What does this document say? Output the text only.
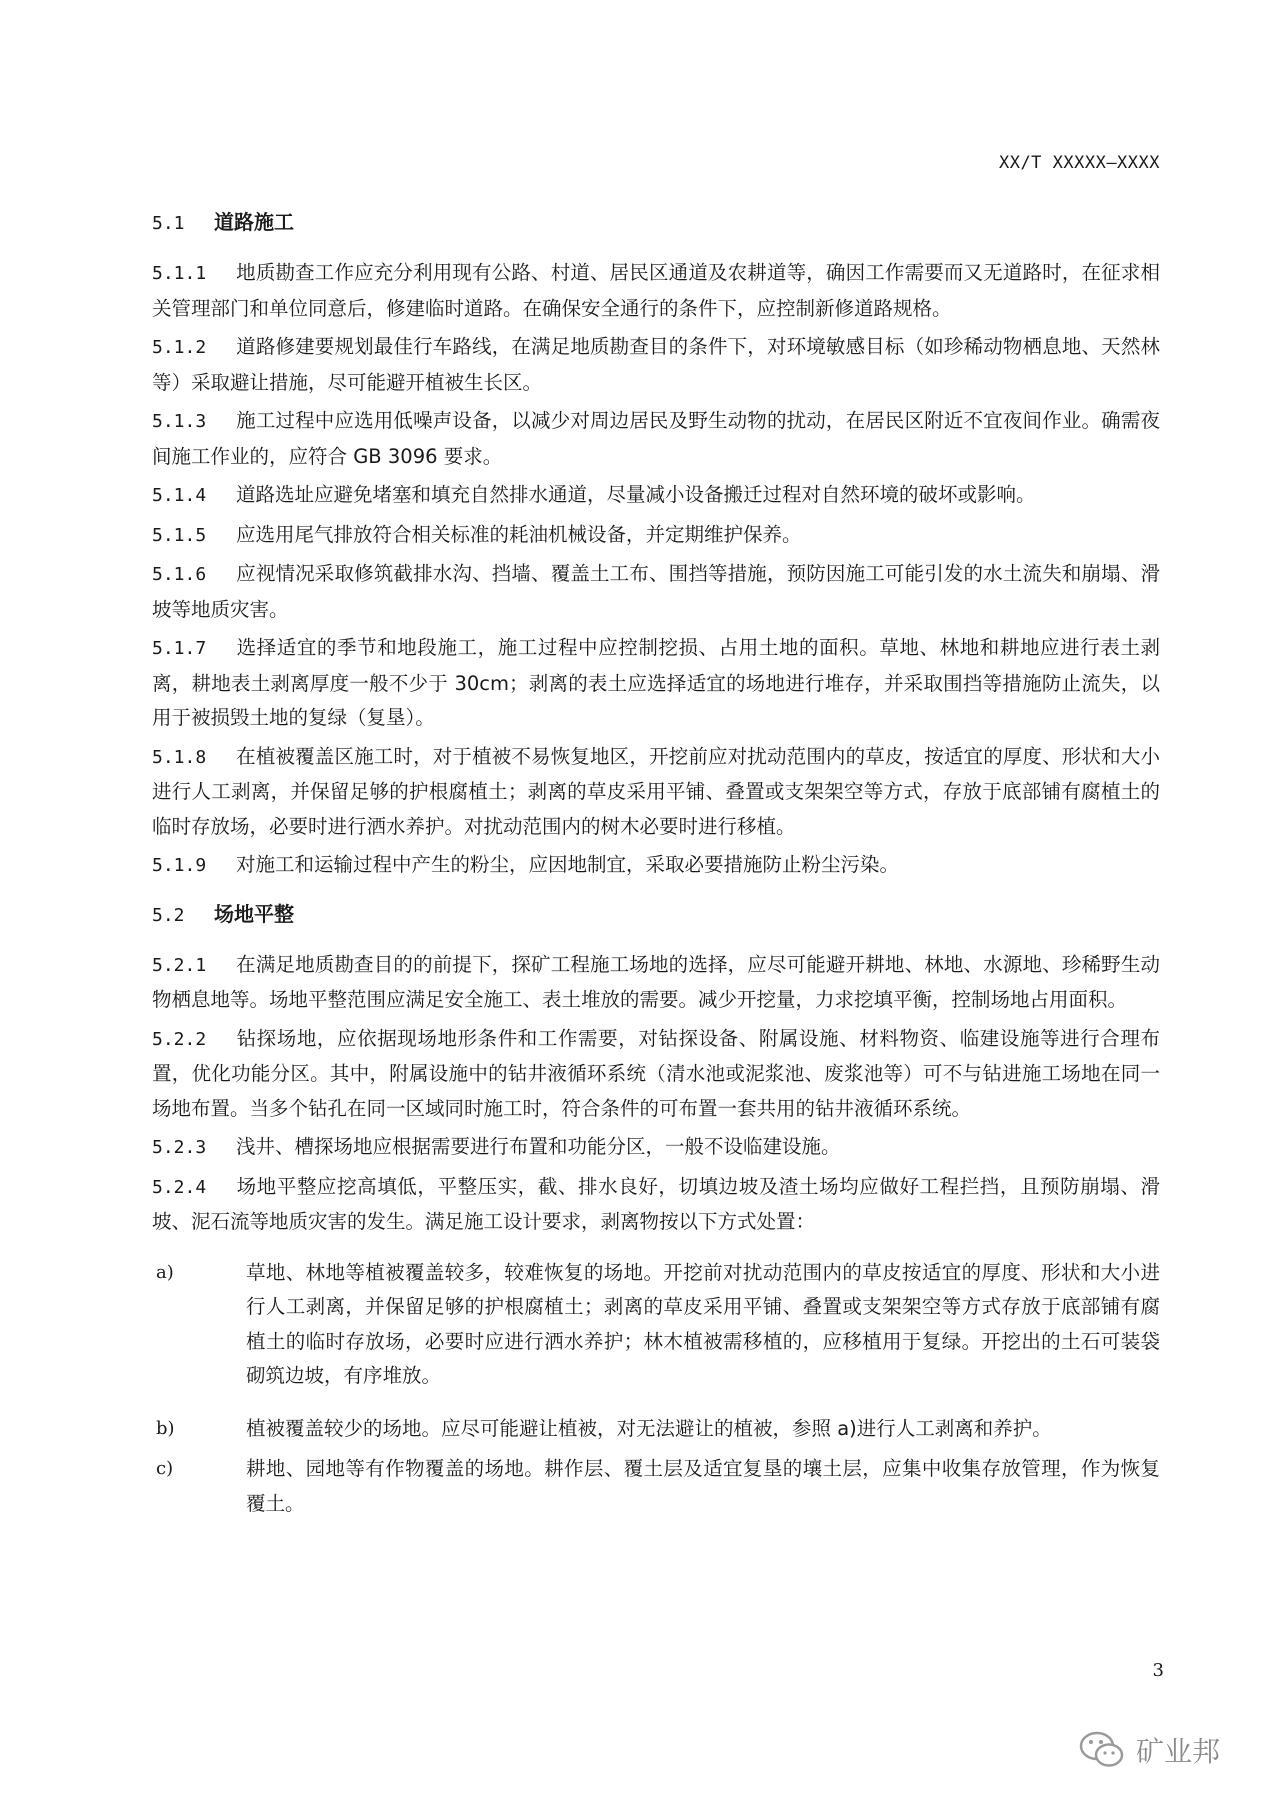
XX/T XXXXX—XXXX
5.1 道路施工

5.1.1 地质勘查工作应充分利用现有公路、村道、居民区通道及农耕道等，确因工作需要而又无道路时，在征求相关管理部门和单位同意后，修建临时道路。在确保安全通行的条件下，应控制新修道路规格。

5.1.2 道路修建要规划最佳行车路线，在满足地质勘查目的条件下，对环境敏感目标（如珍稀动物栖息地、天然林等）采取避让措施，尽可能避开植被生长区。

5.1.3 施工过程中应选用低噪声设备，以减少对周边居民及野生动物的扰动，在居民区附近不宜夜间作业。确需夜间施工作业的，应符合 GB 3096 要求。

5.1.4 道路选址应避免堵塞和填充自然排水通道，尽量减小设备搬迁过程对自然环境的破坏或影响。

5.1.5 应选用尾气排放符合相关标准的耗油机械设备，并定期维护保养。

5.1.6 应视情况采取修筑截排水沟、挡墙、覆盖土工布、围挡等措施，预防因施工可能引发的水土流失和崩塌、滑坡等地质灾害。

5.1.7 选择适宜的季节和地段施工，施工过程中应控制挖损、占用土地的面积。草地、林地和耕地应进行表土剥离，耕地表土剥离厚度一般不少于 30cm；剥离的表土应选择适宜的场地进行堆存，并采取围挡等措施防止流失，以用于被损毁土地的复绿（复垦）。

5.1.8 在植被覆盖区施工时，对于植被不易恢复地区，开挖前应对扰动范围内的草皮，按适宜的厚度、形状和大小进行人工剥离，并保留足够的护根腐植土；剥离的草皮采用平铺、叠置或支架架空等方式，存放于底部铺有腐植土的临时存放场，必要时进行洒水养护。对扰动范围内的树木必要时进行移植。

5.1.9 对施工和运输过程中产生的粉尘，应因地制宜，采取必要措施防止粉尘污染。

5.2 场地平整

5.2.1 在满足地质勘查目的的前提下，探矿工程施工场地的选择，应尽可能避开耕地、林地、水源地、珍稀野生动物栖息地等。场地平整范围应满足安全施工、表土堆放的需要。减少开挖量，力求挖填平衡，控制场地占用面积。

5.2.2 钻探场地，应依据现场地形条件和工作需要，对钻探设备、附属设施、材料物资、临建设施等进行合理布置，优化功能分区。其中，附属设施中的钻井液循环系统（清水池或泥浆池、废浆池等）可不与钻进施工场地在同一场地布置。当多个钻孔在同一区域同时施工时，符合条件的可布置一套共用的钻井液循环系统。

5.2.3 浅井、槽探场地应根据需要进行布置和功能分区，一般不设临建设施。

5.2.4 场地平整应挖高填低，平整压实，截、排水良好，切填边坡及渣土场均应做好工程拦挡，且预防崩塌、滑坡、泥石流等地质灾害的发生。满足施工设计要求，剥离物按以下方式处置：

a)	草地、林地等植被覆盖较多，较难恢复的场地。开挖前对扰动范围内的草皮按适宜的厚度、形状和大小进行人工剥离，并保留足够的护根腐植土；剥离的草皮采用平铺、叠置或支架架空等方式存放于底部铺有腐植土的临时存放场，必要时应进行洒水养护；林木植被需移植的，应移植用于复绿。开挖出的土石可装袋砌筑边坡，有序堆放。
b)	植被覆盖较少的场地。应尽可能避让植被，对无法避让的植被，参照 a)进行人工剥离和养护。
c)	耕地、园地等有作物覆盖的场地。耕作层、覆土层及适宜复垦的壤土层，应集中收集存放管理，作为恢复覆土。
3
矿业邦
